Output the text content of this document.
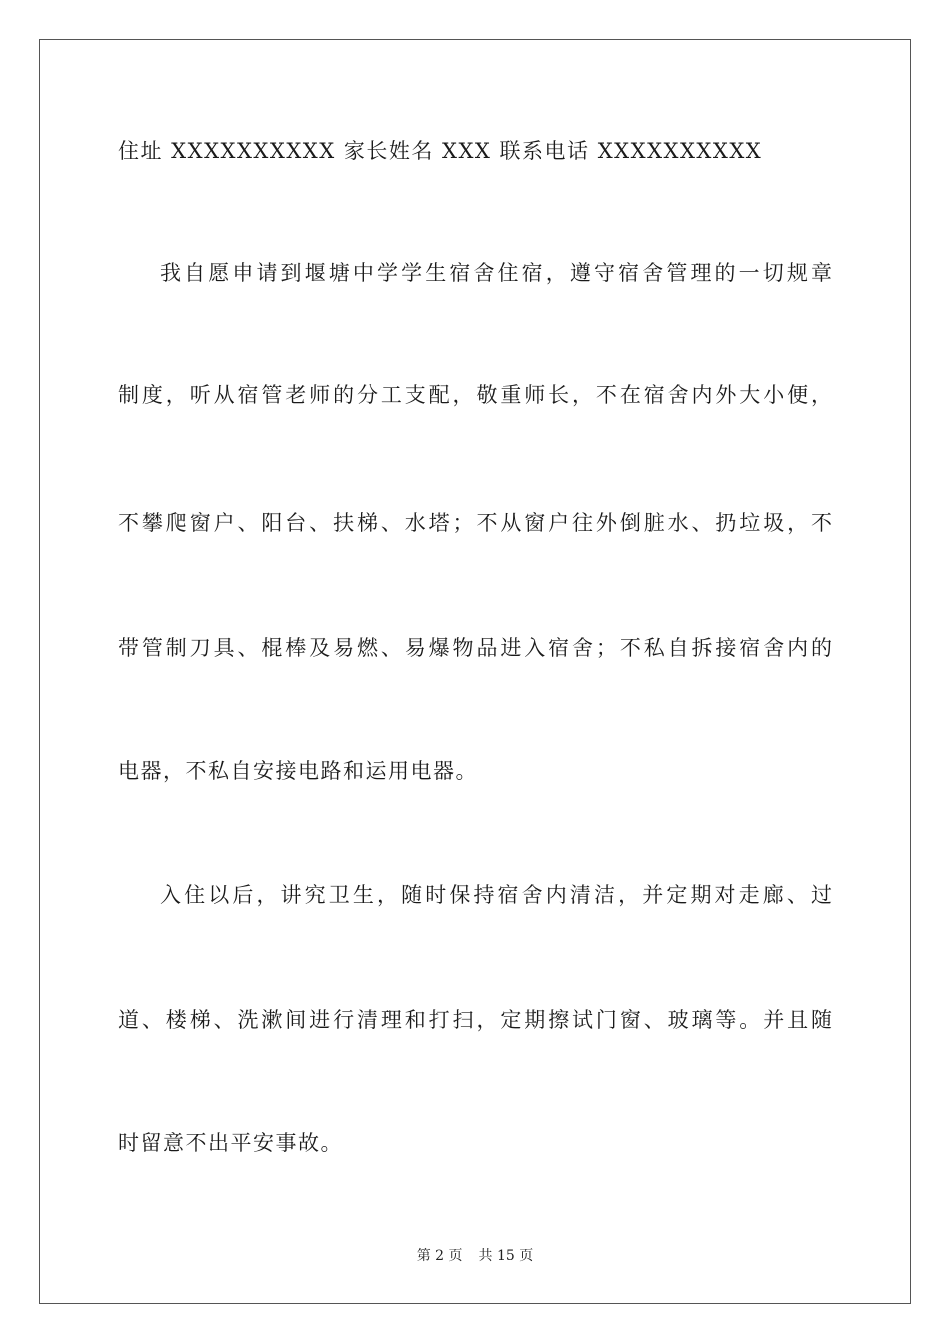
住址 XXXXXXXXXX 家长姓名 XXX 联系电话 XXXXXXXXXX
我自愿申请到堰塘中学学生宿舍住宿，遵守宿舍管理的一切规章
制度，听从宿管老师的分工支配，敬重师长，不在宿舍内外大小便，
不攀爬窗户、阳台、扶梯、水塔；不从窗户往外倒脏水、扔垃圾，不
带管制刀具、棍棒及易燃、易爆物品进入宿舍；不私自拆接宿舍内的
电器，不私自安接电路和运用电器。
入住以后，讲究卫生，随时保持宿舍内清洁，并定期对走廊、过
道、楼梯、洗漱间进行清理和打扫，定期擦试门窗、玻璃等。并且随
时留意不出平安事故。
第 2 页 共 15 页
